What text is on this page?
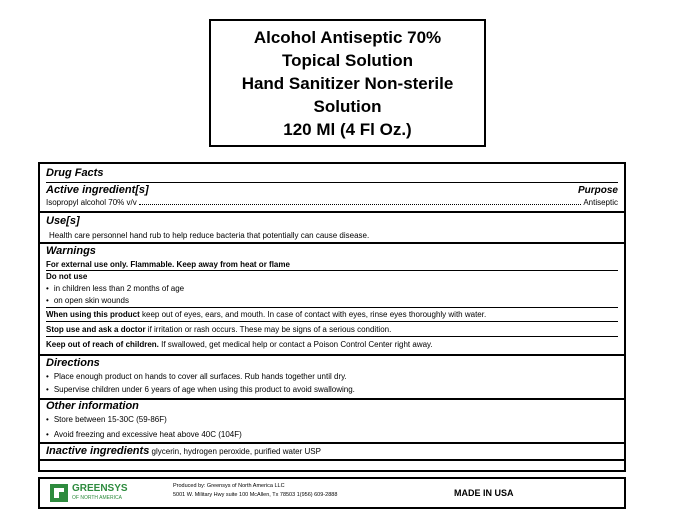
Alcohol Antiseptic 70%
Topical Solution
Hand Sanitizer Non-sterile
Solution
120 Ml (4 Fl Oz.)
Drug Facts
Active ingredient[s]	Purpose
Isopropyl alcohol 70% v/v	Antiseptic
Use[s]
Health care personnel hand rub to help reduce bacteria that potentially can cause disease.
Warnings
For external use only. Flammable. Keep away from heat or flame
Do not use
• in children less than 2 months of age
• on open skin wounds
When using this product keep out of eyes, ears, and mouth. In case of contact with eyes, rinse eyes thoroughly with water.
Stop use and ask a doctor if irritation or rash occurs. These may be signs of a serious condition.
Keep out of reach of children. If swallowed, get medical help or contact a Poison Control Center right away.
Directions
• Place enough product on hands to cover all surfaces. Rub hands together until dry.
• Supervise children under 6 years of age when using this product to avoid swallowing.
Other information
• Store between 15-30C (59-86F)
• Avoid freezing and excessive heat above 40C (104F)
Inactive ingredients glycerin, hydrogen peroxide, purified water USP
GREENSYS
OF NORTH AMERICA
Produced by: Greensys of North America LLC
5001 W. Military Hwy suite 100 McAllen, Tx 78503 1(956) 609-2888	MADE IN USA
